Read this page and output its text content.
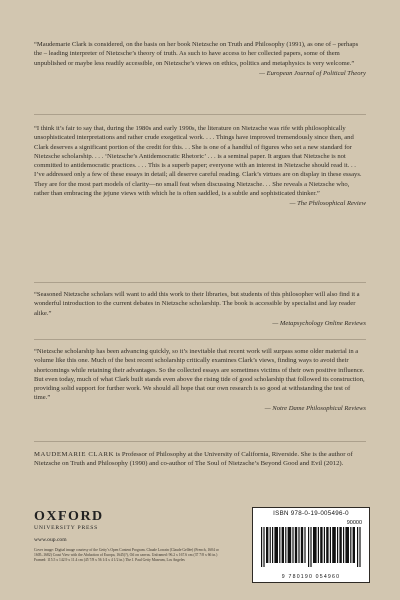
“Maudemarie Clark is considered, on the basis on her book Nietzsche on Truth and Philosophy (1991), as one of – perhaps the – leading interpreter of Nietzsche’s theory of truth. As such to have access to her collected papers, some of them unpublished or maybe less readily accessible, on Nietzsche’s views on ethics, politics and metaphysics is very welcome.”

— European Journal of Political Theory

“I think it’s fair to say that, during the 1980s and early 1990s, the literature on Nietzsche was rife with philosophically unsophisticated interpretations and rather crude exegetical work. . . . Things have improved tremendously since then, and Clark deserves a significant portion of the credit for this. . . She is one of a handful of figures who set a new standard for Nietzsche scholarship. . . . ‘Nietzsche’s Antidemocratic Rhetoric’ . . . is a seminal paper. It argues that Nietzsche is not committed to antidemocratic practices. . . . This is a superb paper; everyone with an interest in Nietzsche should read it. . . I’ve addressed only a few of these essays in detail; all deserve careful reading. Clark’s virtues are on display in these essays. They are for the most part models of clarity—no small feat when discussing Nietzsche. . . She reveals a Nietzsche who, rather than embracing the jejune views with which he is often saddled, is a subtle and sophisticated thinker.”

— The Philosophical Review

“Seasoned Nietzsche scholars will want to add this work to their libraries, but students of this philosopher will also find it a wonderful introduction to the current debates in Nietzsche scholarship. The book is accessible by specialist and lay reader alike.”

— Metapsychology Online Reviews

“Nietzsche scholarship has been advancing quickly, so it’s inevitable that recent work will surpass some older material in a volume like this one. Much of the best recent scholarship critically examines Clark’s views, finding ways to avoid their shortcomings while retaining their advantages. So the collected essays are sometimes victims of their own positive influence. But even today, much of what Clark built stands even above the rising tide of good scholarship that followed its construction, providing solid support for further work. We should all hope that our own research is so good at withstanding the test of time.”

— Notre Dame Philosophical Reviews
MAUDEMARIE CLARK is Professor of Philosophy at the University of California, Riverside. She is the author of Nietzsche on Truth and Philosophy (1990) and co-author of The Soul of Nietzsche’s Beyond Good and Evil (2012).
OXFORD
UNIVERSITY PRESS
www.oup.com
Cover image: Digital image courtesy of the Getty’s Open Content Program. Claude Lorrain (Claude Gellée) (French, 1604 or 1605–1682) Coast View with the Abduction of Europa, 1645(?), Oil on canvas. Unframed: 96.2 x 167.6 cm (37 7/8 x 66 in.) Framed: 115.5 x 142.9 x 11.4 cm (45 7/8 x 56 1/4 x 4 1/2 in.) The J. Paul Getty Museum, Los Angeles
ISBN 978-0-19-005496-0
90000
9 780190 054960
